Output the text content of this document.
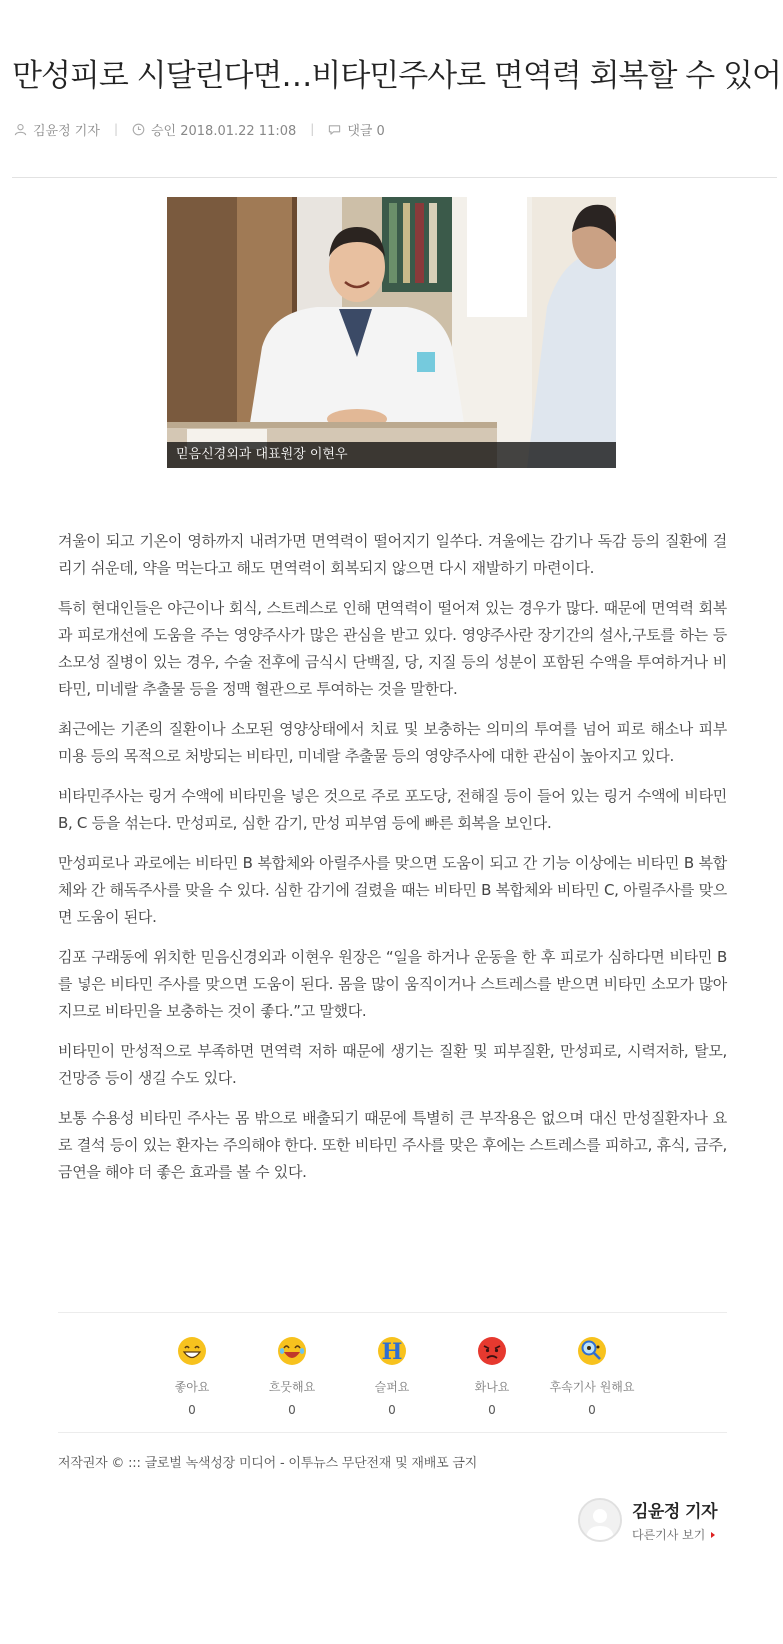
만성피로 시달린다면…비타민주사로 면역력 회복할 수 있어
김윤정 기자 |	승인 2018.01.22 11:08 |	댓글 0
믿음신경외과 대표원장 이현우

겨울이 되고 기온이 영하까지 내려가면 면역력이 떨어지기 일쑤다. 겨울에는 감기나 독감 등의 질환에 걸리기 쉬운데, 약을 먹는다고 해도 면역력이 회복되지 않으면 다시 재발하기 마련이다.

특히 현대인들은 야근이나 회식, 스트레스로 인해 면역력이 떨어져 있는 경우가 많다. 때문에 면역력 회복과 피로개선에 도움을 주는 영양주사가 많은 관심을 받고 있다. 영양주사란 장기간의 설사,구토를 하는 등 소모성 질병이 있는 경우, 수술 전후에 금식시 단백질, 당, 지질 등의 성분이 포함된 수액을 투여하거나 비타민, 미네랄 추출물 등을 정맥 혈관으로 투여하는 것을 말한다.

최근에는 기존의 질환이나 소모된 영양상태에서 치료 및 보충하는 의미의 투여를 넘어 피로 해소나 피부 미용 등의 목적으로 처방되는 비타민, 미네랄 추출물 등의 영양주사에 대한 관심이 높아지고 있다.

비타민주사는 링거 수액에 비타민을 넣은 것으로 주로 포도당, 전해질 등이 들어 있는 링거 수액에 비타민 B, C 등을 섞는다. 만성피로, 심한 감기, 만성 피부염 등에 빠른 회복을 보인다.

만성피로나 과로에는 비타민 B 복합체와 아릴주사를 맞으면 도움이 되고 간 기능 이상에는 비타민 B 복합체와 간 해독주사를 맞을 수 있다. 심한 감기에 걸렸을 때는 비타민 B 복합체와 비타민 C, 아릴주사를 맞으면 도움이 된다.

김포 구래동에 위치한 믿음신경외과 이현우 원장은 “일을 하거나 운동을 한 후 피로가 심하다면 비타민 B를 넣은 비타민 주사를 맞으면 도움이 된다. 몸을 많이 움직이거나 스트레스를 받으면 비타민 소모가 많아지므로 비타민을 보충하는 것이 좋다.”고 말했다.

비타민이 만성적으로 부족하면 면역력 저하 때문에 생기는 질환 및 피부질환, 만성피로, 시력저하, 탈모, 건망증 등이 생길 수도 있다.

보통 수용성 비타민 주사는 몸 밖으로 배출되기 때문에 특별히 큰 부작용은 없으며 대신 만성질환자나 요로 결석 등이 있는 환자는 주의해야 한다. 또한 비타민 주사를 맞은 후에는 스트레스를 피하고, 휴식, 금주, 금연을 해야 더 좋은 효과를 볼 수 있다.

좋아요
0
흐뭇해요
0
H
슬퍼요
0
화나요
0
후속기사 원해요
0
저작권자 © ::: 글로벌 녹색성장 미디어 - 이투뉴스 무단전재 및 재배포 금지
김윤정 기자
다른기사 보기
